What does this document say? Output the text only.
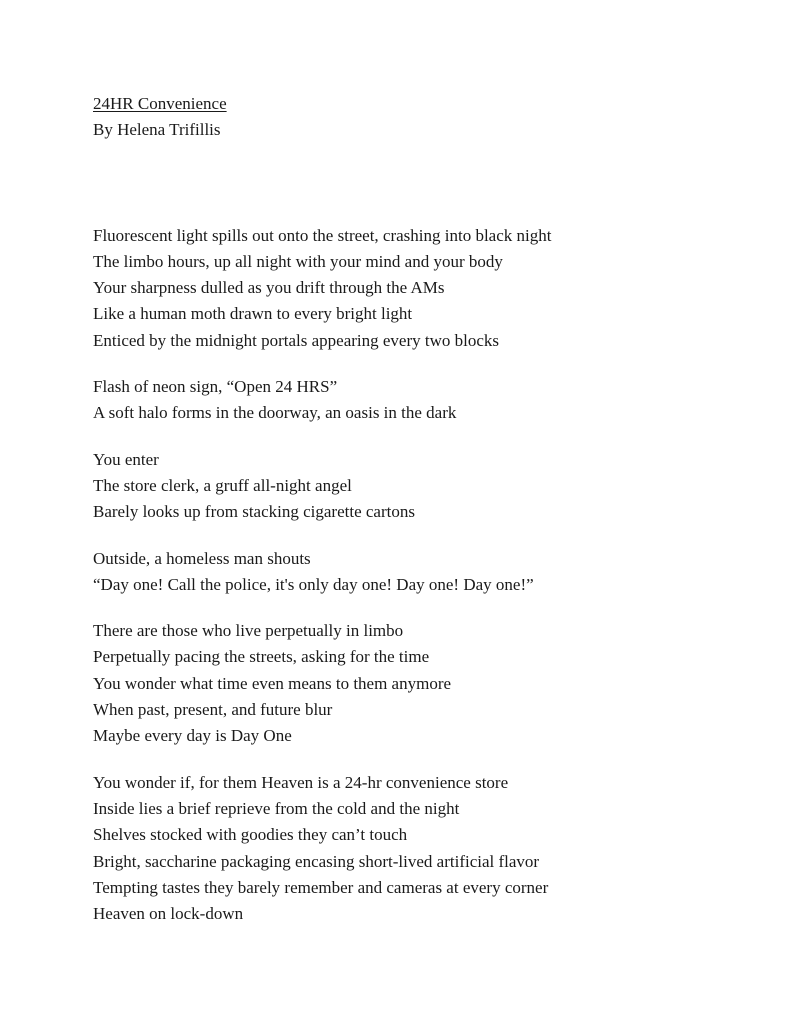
24HR Convenience

By Helena Trifillis

Fluorescent light spills out onto the street, crashing into black night
The limbo hours, up all night with your mind and your body
Your sharpness dulled as you drift through the AMs
Like a human moth drawn to every bright light
Enticed by the midnight portals appearing every two blocks
Flash of neon sign, “Open 24 HRS”
A soft halo forms in the doorway, an oasis in the dark
You enter
The store clerk, a gruff all-night angel
Barely looks up from stacking cigarette cartons
Outside, a homeless man shouts
“Day one! Call the police, it's only day one! Day one! Day one!”
There are those who live perpetually in limbo
Perpetually pacing the streets, asking for the time
You wonder what time even means to them anymore
When past, present, and future blur
Maybe every day is Day One
You wonder if, for them Heaven is a 24-hr convenience store
Inside lies a brief reprieve from the cold and the night
Shelves stocked with goodies they can’t touch
Bright, saccharine packaging encasing short-lived artificial flavor
Tempting tastes they barely remember and cameras at every corner
Heaven on lock-down
